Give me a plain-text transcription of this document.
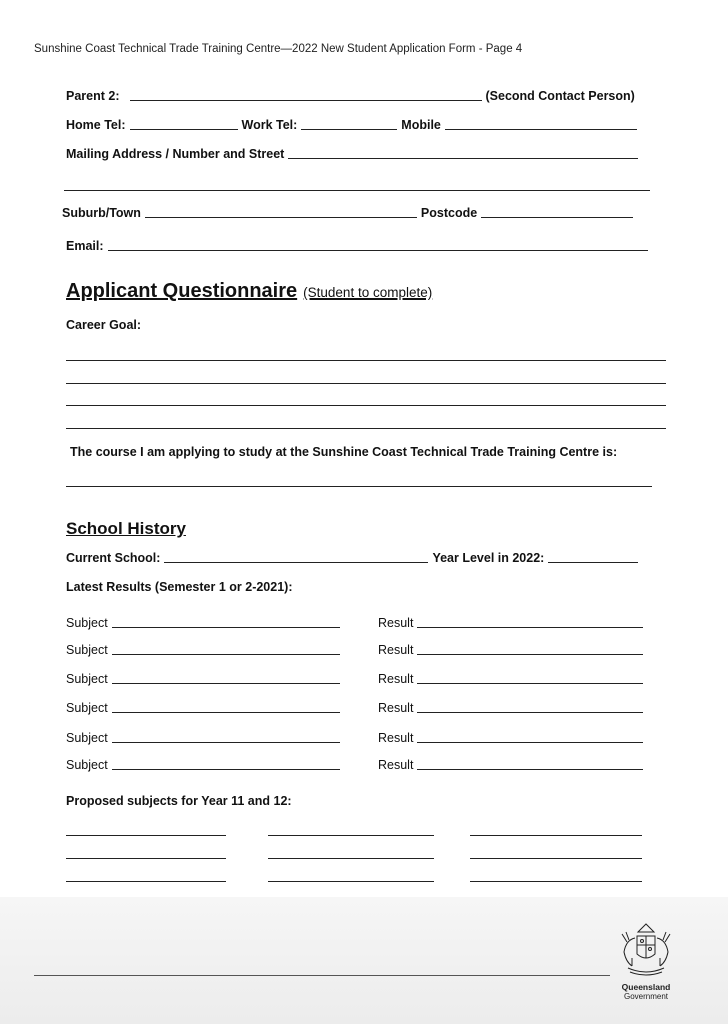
Sunshine Coast Technical Trade Training Centre—2022 New Student Application Form - Page 4
Parent 2:	(Second Contact Person)
Home Tel:	Work Tel:	Mobile
Mailing Address / Number and Street
Suburb/Town	Postcode
Email:
Applicant Questionnaire (Student to complete)
Career Goal:
The course I am applying to study at the Sunshine Coast Technical Trade Training Centre is:
School History
Current School:	Year Level in 2022:
Latest Results (Semester 1 or 2-2021):
Subject	Result
Subject	Result
Subject	Result
Subject	Result
Subject	Result
Subject	Result
Proposed subjects for Year 11 and 12:
Queensland
Government
